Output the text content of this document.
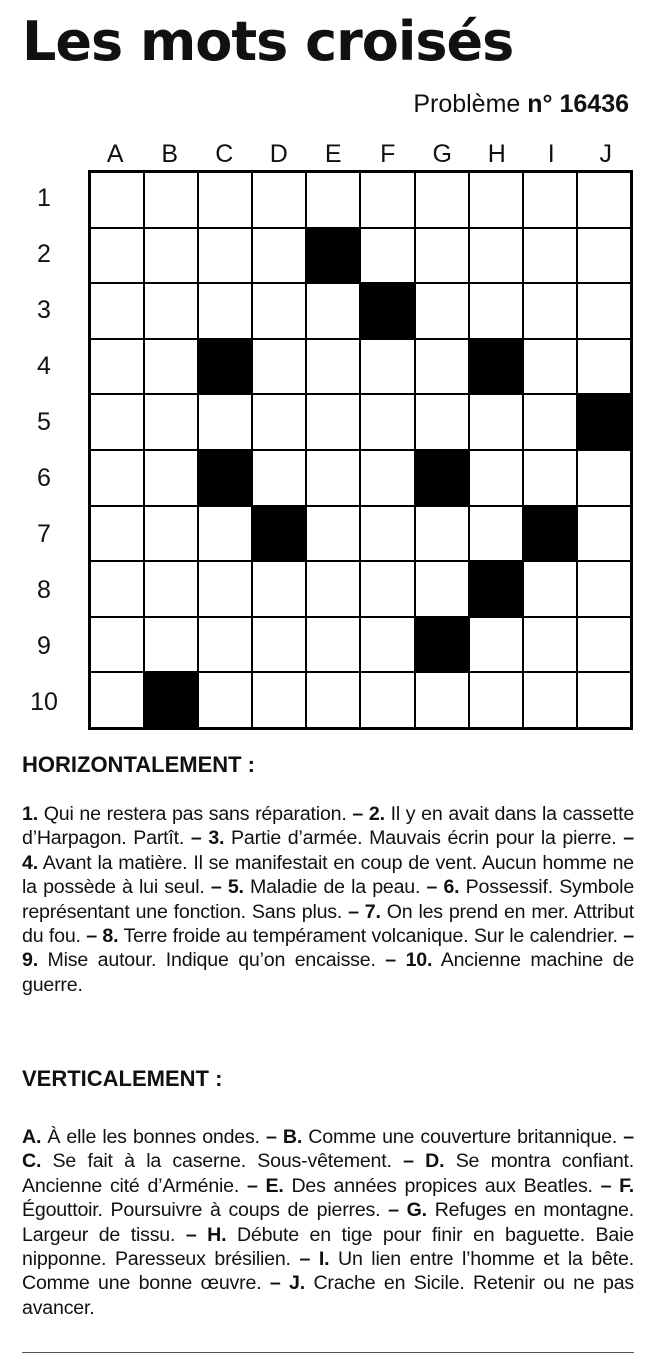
Les mots croisés
Problème n° 16436
A	B	C	D	E	F	G	H	I	J
1
2
3
4
5
6
7
8
9
10
HORIZONTALEMENT :

1. Qui ne restera pas sans réparation. – 2. Il y en avait dans la cassette d’Harpagon. Partît. – 3. Partie d’armée. Mauvais écrin pour la pierre. – 4. Avant la matière. Il se manifestait en coup de vent. Aucun homme ne la possède à lui seul. – 5. Maladie de la peau. – 6. Possessif. Symbole représentant une fonction. Sans plus. – 7. On les prend en mer. Attribut du fou. – 8. Terre froide au tempérament volcanique. Sur le calendrier. – 9. Mise autour. Indique qu’on encaisse. – 10. Ancienne machine de guerre.

VERTICALEMENT :

A. À elle les bonnes ondes. – B. Comme une couverture britannique. – C. Se fait à la caserne. Sous-vêtement. – D. Se montra confiant. Ancienne cité d’Arménie. – E. Des années propices aux Beatles. – F. Égouttoir. Poursuivre à coups de pierres. – G. Refuges en montagne. Largeur de tissu. – H. Débute en tige pour finir en baguette. Baie nipponne. Paresseux brésilien. – I. Un lien entre l’homme et la bête. Comme une bonne œuvre. – J. Crache en Sicile. Retenir ou ne pas avancer.
